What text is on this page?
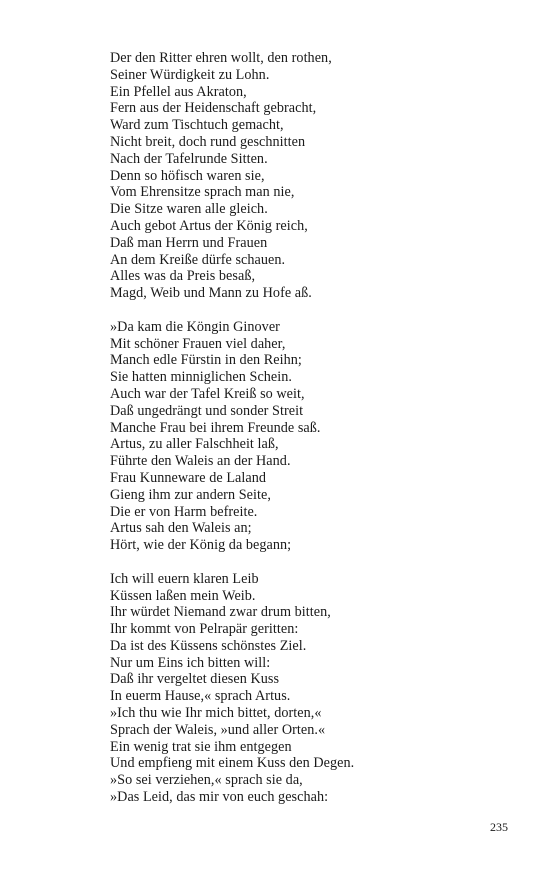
Der den Ritter ehren wollt, den rothen,
Seiner Würdigkeit zu Lohn.
Ein Pfellel aus Akraton,
Fern aus der Heidenschaft gebracht,
Ward zum Tischtuch gemacht,
Nicht breit, doch rund geschnitten
Nach der Tafelrunde Sitten.
Denn so höfisch waren sie,
Vom Ehrensitze sprach man nie,
Die Sitze waren alle gleich.
Auch gebot Artus der König reich,
Daß man Herrn und Frauen
An dem Kreiße dürfe schauen.
Alles was da Preis besaß,
Magd, Weib und Mann zu Hofe aß.
»Da kam die Köngin Ginover
Mit schöner Frauen viel daher,
Manch edle Fürstin in den Reihn;
Sie hatten minniglichen Schein.
Auch war der Tafel Kreiß so weit,
Daß ungedrängt und sonder Streit
Manche Frau bei ihrem Freunde saß.
Artus, zu aller Falschheit laß,
Führte den Waleis an der Hand.
Frau Kunneware de Laland
Gieng ihm zur andern Seite,
Die er von Harm befreite.
Artus sah den Waleis an;
Hört, wie der König da begann;
Ich will euern klaren Leib
Küssen laßen mein Weib.
Ihr würdet Niemand zwar drum bitten,
Ihr kommt von Pelrapär geritten:
Da ist des Küssens schönstes Ziel.
Nur um Eins ich bitten will:
Daß ihr vergeltet diesen Kuss
In euerm Hause,« sprach Artus.
»Ich thu wie Ihr mich bittet, dorten,«
Sprach der Waleis, »und aller Orten.«
Ein wenig trat sie ihm entgegen
Und empfieng mit einem Kuss den Degen.
»So sei verziehen,« sprach sie da,
»Das Leid, das mir von euch geschah:
235
